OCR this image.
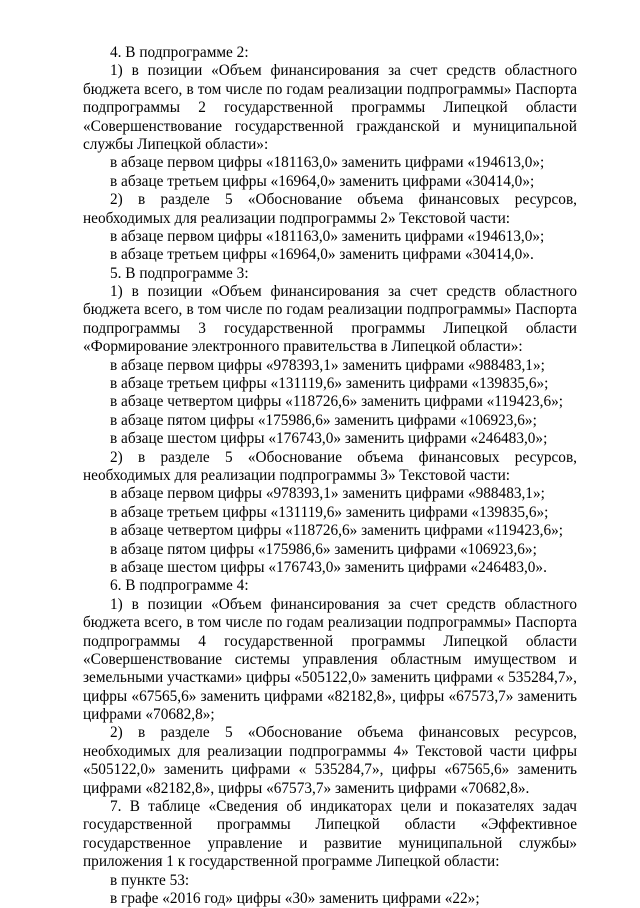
4. В подпрограмме 2:
1) в позиции «Объем финансирования за счет средств областного
бюджета всего, в том числе по годам реализации подпрограммы» Паспорта
подпрограммы 2 государственной программы Липецкой области
«Совершенствование государственной гражданской и муниципальной
службы Липецкой области»:
в абзаце первом цифры «181163,0» заменить цифрами «194613,0»;
в абзаце третьем цифры «16964,0» заменить цифрами «30414,0»;
2) в разделе 5 «Обоснование объема финансовых ресурсов,
необходимых для реализации подпрограммы 2» Текстовой части:
в абзаце первом цифры «181163,0» заменить цифрами «194613,0»;
в абзаце третьем цифры «16964,0» заменить цифрами «30414,0».
5. В подпрограмме 3:
1) в позиции «Объем финансирования за счет средств областного
бюджета всего, в том числе по годам реализации подпрограммы» Паспорта
подпрограммы 3 государственной программы Липецкой области
«Формирование электронного правительства в Липецкой области»:
в абзаце первом цифры «978393,1» заменить цифрами «988483,1»;
в абзаце третьем цифры «131119,6» заменить цифрами «139835,6»;
в абзаце четвертом цифры «118726,6» заменить цифрами «119423,6»;
в абзаце пятом цифры «175986,6» заменить цифрами «106923,6»;
в абзаце шестом цифры «176743,0» заменить цифрами «246483,0»;
2) в разделе 5 «Обоснование объема финансовых ресурсов,
необходимых для реализации подпрограммы 3» Текстовой части:
в абзаце первом цифры «978393,1» заменить цифрами «988483,1»;
в абзаце третьем цифры «131119,6» заменить цифрами «139835,6»;
в абзаце четвертом цифры «118726,6» заменить цифрами «119423,6»;
в абзаце пятом цифры «175986,6» заменить цифрами «106923,6»;
в абзаце шестом цифры «176743,0» заменить цифрами «246483,0».
6. В подпрограмме 4:
1) в позиции «Объем финансирования за счет средств областного
бюджета всего, в том числе по годам реализации подпрограммы» Паспорта
подпрограммы 4 государственной программы Липецкой области
«Совершенствование системы управления областным имуществом и
земельными участками» цифры «505122,0» заменить цифрами « 535284,7»,
цифры «67565,6» заменить цифрами «82182,8», цифры «67573,7» заменить
цифрами «70682,8»;
2) в разделе 5 «Обоснование объема финансовых ресурсов,
необходимых для реализации подпрограммы 4» Текстовой части цифры
«505122,0» заменить цифрами « 535284,7», цифры «67565,6» заменить
цифрами «82182,8», цифры «67573,7» заменить цифрами «70682,8».
7. В таблице «Сведения об индикаторах цели и показателях задач
государственной программы Липецкой области «Эффективное
государственное управление и развитие муниципальной службы»
приложения 1 к государственной программе Липецкой области:
в пункте 53:
в графе «2016 год» цифры «30» заменить цифрами «22»;
